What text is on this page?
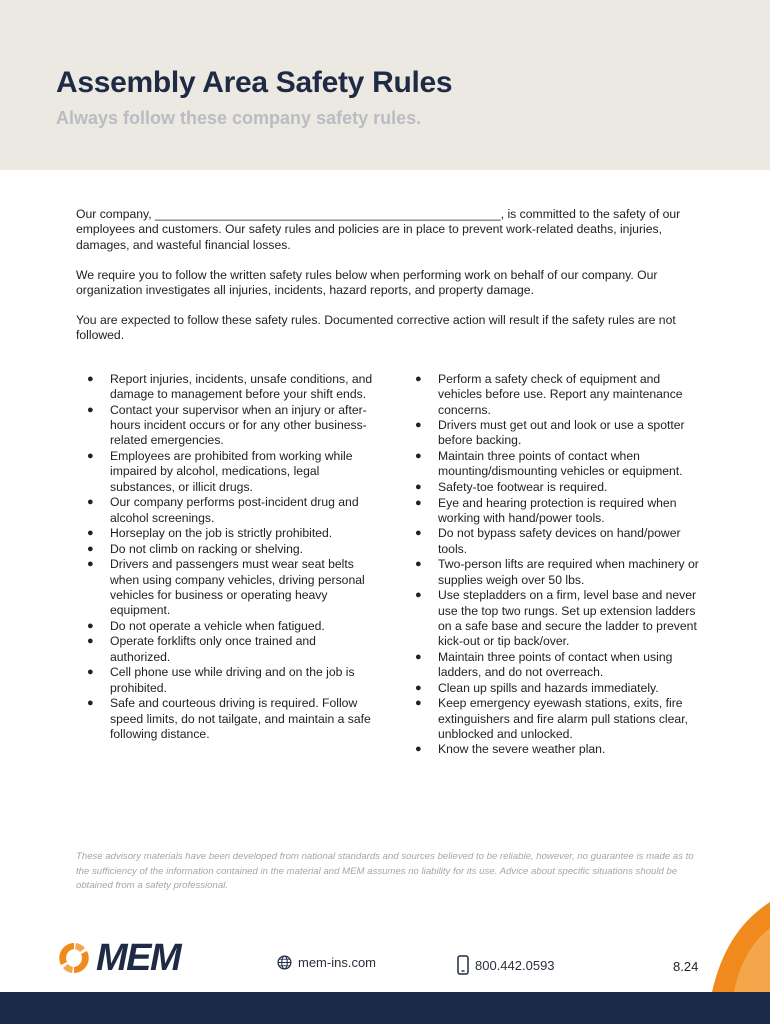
Assembly Area Safety Rules
Always follow these company safety rules.

Our company, ___________________________________________________, is committed to the safety of our employees and customers. Our safety rules and policies are in place to prevent work-related deaths, injuries, damages, and wasteful financial losses.

We require you to follow the written safety rules below when performing work on behalf of our company. Our organization investigates all injuries, incidents, hazard reports, and property damage.

You are expected to follow these safety rules. Documented corrective action will result if the safety rules are not followed.

● Report injuries, incidents, unsafe conditions, and damage to management before your shift ends.
● Contact your supervisor when an injury or after-hours incident occurs or for any other business-related emergencies.
● Employees are prohibited from working while impaired by alcohol, medications, legal substances, or illicit drugs.
● Our company performs post-incident drug and alcohol screenings.
● Horseplay on the job is strictly prohibited.
● Do not climb on racking or shelving.
● Drivers and passengers must wear seat belts when using company vehicles, driving personal vehicles for business or operating heavy equipment.
● Do not operate a vehicle when fatigued.
● Operate forklifts only once trained and authorized.
● Cell phone use while driving and on the job is prohibited.
● Safe and courteous driving is required. Follow speed limits, do not tailgate, and maintain a safe following distance.
● Perform a safety check of equipment and vehicles before use. Report any maintenance concerns.
● Drivers must get out and look or use a spotter before backing.
● Maintain three points of contact when mounting/dismounting vehicles or equipment.
● Safety-toe footwear is required.
● Eye and hearing protection is required when working with hand/power tools.
● Do not bypass safety devices on hand/power tools.
● Two-person lifts are required when machinery or supplies weigh over 50 lbs.
● Use stepladders on a firm, level base and never use the top two rungs. Set up extension ladders on a safe base and secure the ladder to prevent kick-out or tip back/over.
● Maintain three points of contact when using ladders, and do not overreach.
● Clean up spills and hazards immediately.
● Keep emergency eyewash stations, exits, fire extinguishers and fire alarm pull stations clear, unblocked and unlocked.
● Know the severe weather plan.

These advisory materials have been developed from national standards and sources believed to be reliable, however, no guarantee is made as to the sufficiency of the information contained in the material and MEM assumes no liability for its use. Advice about specific situations should be obtained from a safety professional.

MEM	mem-ins.com	800.442.0593	8.24
